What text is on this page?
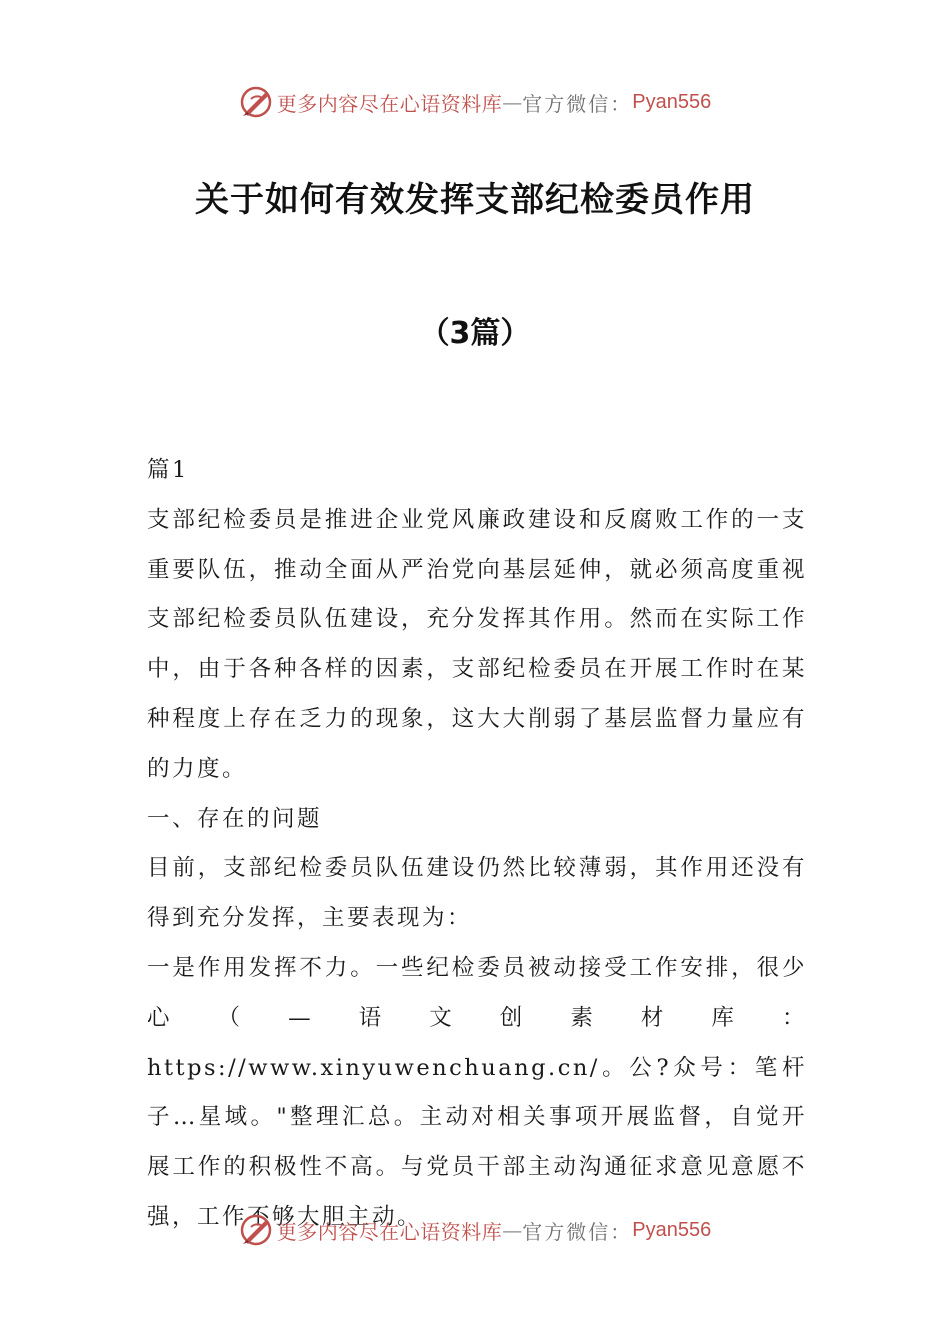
更多内容尽在心语资料库 — 官方微信： Pyan556
关于如何有效发挥支部纪检委员作用
（3篇）

篇1

支部纪检委员是推进企业党风廉政建设和反腐败工作的一支重要队伍，推动全面从严治党向基层延伸，就必须高度重视支部纪检委员队伍建设，充分发挥其作用。然而在实际工作中，由于各种各样的因素，支部纪检委员在开展工作时在某种程度上存在乏力的现象，这大大削弱了基层监督力量应有的力度。

一、存在的问题

目前，支部纪检委员队伍建设仍然比较薄弱，其作用还没有得到充分发挥，主要表现为：

一是作用发挥不力。一些纪检委员被动接受工作安排，很少心（—语文创素材库：https://www.xinyuwenchuang.cn/。公?众号：笔杆子…星域。"整理汇总。主动对相关事项开展监督，自觉开展工作的积极性不高。与党员干部主动沟通征求意见意愿不强，工作不够大胆主动。

更多内容尽在心语资料库 — 官方微信： Pyan556
